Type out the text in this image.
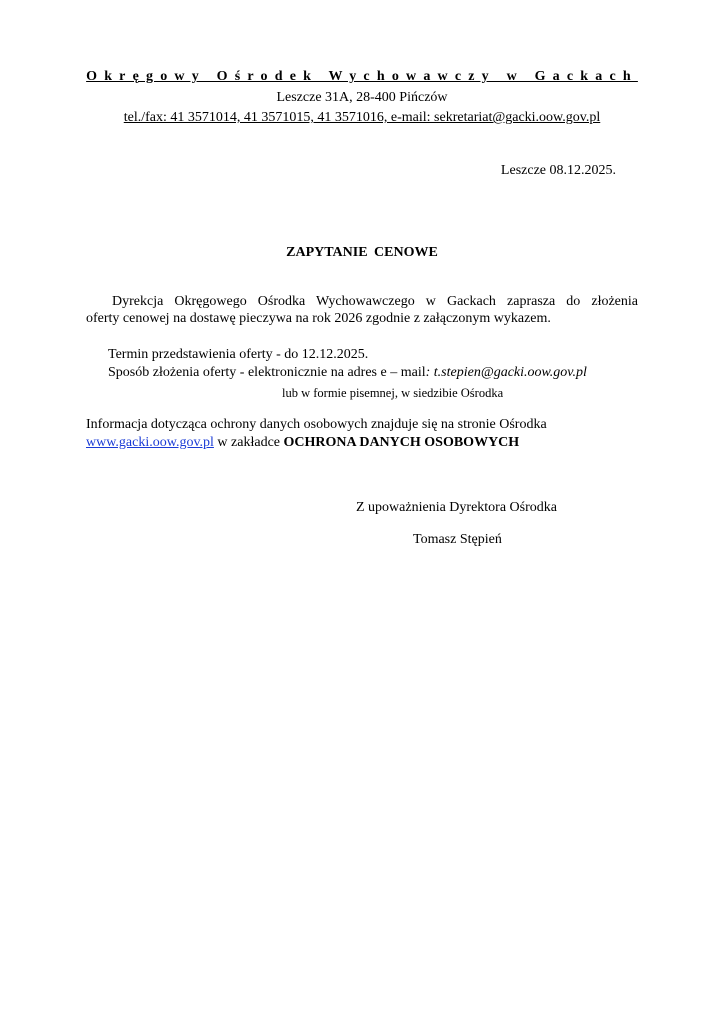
Okręgowy Ośrodek Wychowawczy w Gackach
Leszcze 31A, 28-400 Pińczów
tel./fax: 41 3571014, 41 3571015, 41 3571016, e-mail: sekretariat@gacki.oow.gov.pl
Leszcze 08.12.2025.
ZAPYTANIE CENOWE
Dyrekcja Okręgowego Ośrodka Wychowawczego w Gackach zaprasza do złożenia
oferty cenowej na dostawę pieczywa na rok 2026 zgodnie z załączonym wykazem.
Termin przedstawienia oferty - do 12.12.2025.
Sposób złożenia oferty - elektronicznie na adres e – mail: t.stepien@gacki.oow.gov.pl
lub w formie pisemnej, w siedzibie Ośrodka
Informacja dotycząca ochrony danych osobowych znajduje się na stronie Ośrodka
www.gacki.oow.gov.pl w zakładce OCHRONA DANYCH OSOBOWYCH
Z upoważnienia Dyrektora Ośrodka
Tomasz Stępień
